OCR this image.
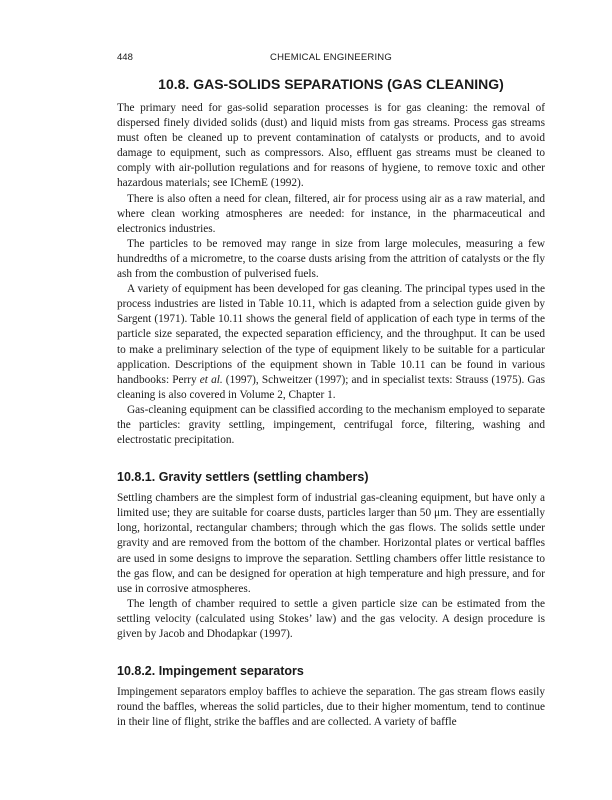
448	CHEMICAL ENGINEERING
10.8. GAS-SOLIDS SEPARATIONS (GAS CLEANING)

The primary need for gas-solid separation processes is for gas cleaning: the removal of dispersed finely divided solids (dust) and liquid mists from gas streams. Process gas streams must often be cleaned up to prevent contamination of catalysts or products, and to avoid damage to equipment, such as compressors. Also, effluent gas streams must be cleaned to comply with air-pollution regulations and for reasons of hygiene, to remove toxic and other hazardous materials; see IChemE (1992).

There is also often a need for clean, filtered, air for process using air as a raw material, and where clean working atmospheres are needed: for instance, in the pharmaceutical and electronics industries.

The particles to be removed may range in size from large molecules, measuring a few hundredths of a micrometre, to the coarse dusts arising from the attrition of catalysts or the fly ash from the combustion of pulverised fuels.

A variety of equipment has been developed for gas cleaning. The principal types used in the process industries are listed in Table 10.11, which is adapted from a selection guide given by Sargent (1971). Table 10.11 shows the general field of application of each type in terms of the particle size separated, the expected separation efficiency, and the throughput. It can be used to make a preliminary selection of the type of equipment likely to be suitable for a particular application. Descriptions of the equipment shown in Table 10.11 can be found in various handbooks: Perry et al. (1997), Schweitzer (1997); and in specialist texts: Strauss (1975). Gas cleaning is also covered in Volume 2, Chapter 1.

Gas-cleaning equipment can be classified according to the mechanism employed to separate the particles: gravity settling, impingement, centrifugal force, filtering, washing and electrostatic precipitation.

10.8.1. Gravity settlers (settling chambers)

Settling chambers are the simplest form of industrial gas-cleaning equipment, but have only a limited use; they are suitable for coarse dusts, particles larger than 50 μm. They are essentially long, horizontal, rectangular chambers; through which the gas flows. The solids settle under gravity and are removed from the bottom of the chamber. Horizontal plates or vertical baffles are used in some designs to improve the separation. Settling chambers offer little resistance to the gas flow, and can be designed for operation at high temperature and high pressure, and for use in corrosive atmospheres.

The length of chamber required to settle a given particle size can be estimated from the settling velocity (calculated using Stokes’ law) and the gas velocity. A design procedure is given by Jacob and Dhodapkar (1997).

10.8.2. Impingement separators

Impingement separators employ baffles to achieve the separation. The gas stream flows easily round the baffles, whereas the solid particles, due to their higher momentum, tend to continue in their line of flight, strike the baffles and are collected. A variety of baffle
